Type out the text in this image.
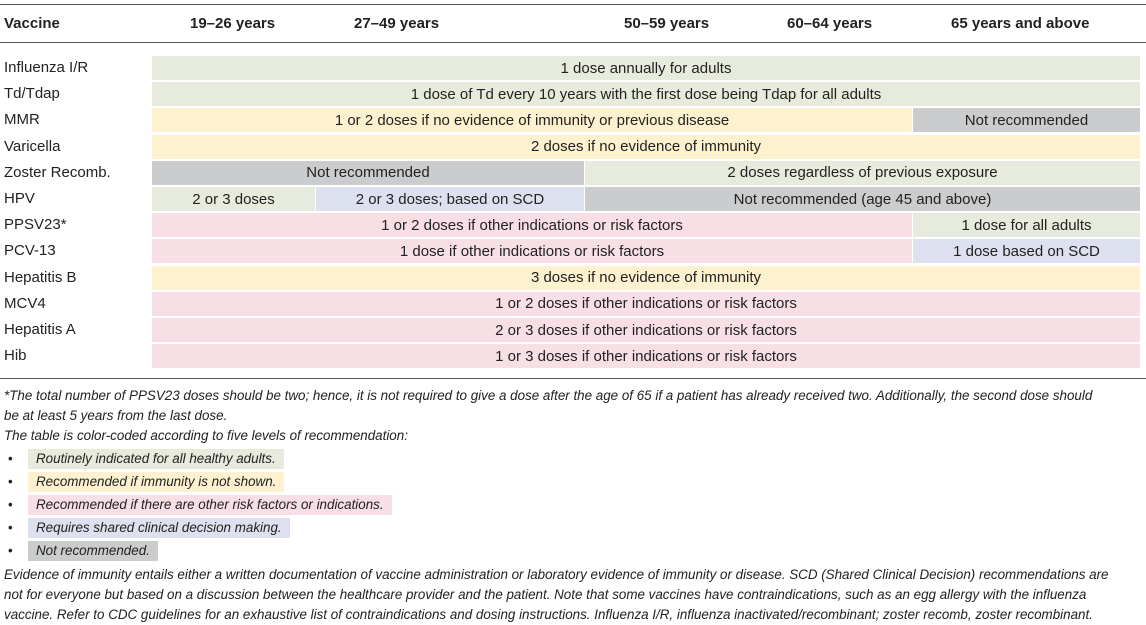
Vaccine	19–26 years	27–49 years	50–59 years	60–64 years	65 years and above
Influenza I/R	1 dose annually for adults
Td/Tdap	1 dose of Td every 10 years with the first dose being Tdap for all adults
MMR	1 or 2 doses if no evidence of immunity or previous disease	Not recommended
Varicella	2 doses if no evidence of immunity
Zoster Recomb.	Not recommended	2 doses regardless of previous exposure
HPV	2 or 3 doses	2 or 3 doses; based on SCD	Not recommended (age 45 and above)
PPSV23*	1 or 2 doses if other indications or risk factors	1 dose for all adults
PCV-13	1 dose if other indications or risk factors	1 dose based on SCD
Hepatitis B	3 doses if no evidence of immunity
MCV4	1 or 2 doses if other indications or risk factors
Hepatitis A	2 or 3 doses if other indications or risk factors
Hib	1 or 3 doses if other indications or risk factors
*The total number of PPSV23 doses should be two; hence, it is not required to give a dose after the age of 65 if a patient has already received two. Additionally, the second dose should
be at least 5 years from the last dose.
The table is color-coded according to five levels of recommendation:
•	Routinely indicated for all healthy adults.
•	Recommended if immunity is not shown.
•	Recommended if there are other risk factors or indications.
•	Requires shared clinical decision making.
•	Not recommended.
Evidence of immunity entails either a written documentation of vaccine administration or laboratory evidence of immunity or disease. SCD (Shared Clinical Decision) recommendations are
not for everyone but based on a discussion between the healthcare provider and the patient. Note that some vaccines have contraindications, such as an egg allergy with the influenza
vaccine. Refer to CDC guidelines for an exhaustive list of contraindications and dosing instructions. Influenza I/R, influenza inactivated/recombinant; zoster recomb, zoster recombinant.
